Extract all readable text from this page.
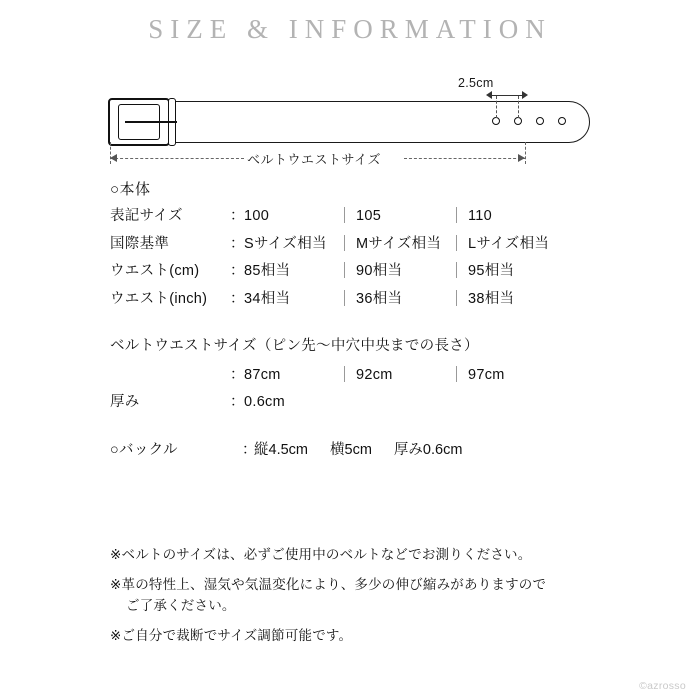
SIZE & INFORMATION
2.5cm
ベルトウエストサイズ
○本体
表記サイズ	： 100	105	110
国際基準	： Sサイズ相当	Mサイズ相当	Lサイズ相当
ウエスト(cm)	： 85相当	90相当	95相当
ウエスト(inch)	： 34相当	36相当	38相当
ベルトウエストサイズ（ピン先〜中穴中央までの長さ）
： 87cm	92cm	97cm
厚み	： 0.6cm
○バックル	：
縦4.5cm 横5cm 厚み0.6cm
※ベルトのサイズは、必ずご使用中のベルトなどでお測りください。
※革の特性上、湿気や気温変化により、多少の伸び縮みがありますので
ご了承ください。
※ご自分で裁断でサイズ調節可能です。
©azrosso
